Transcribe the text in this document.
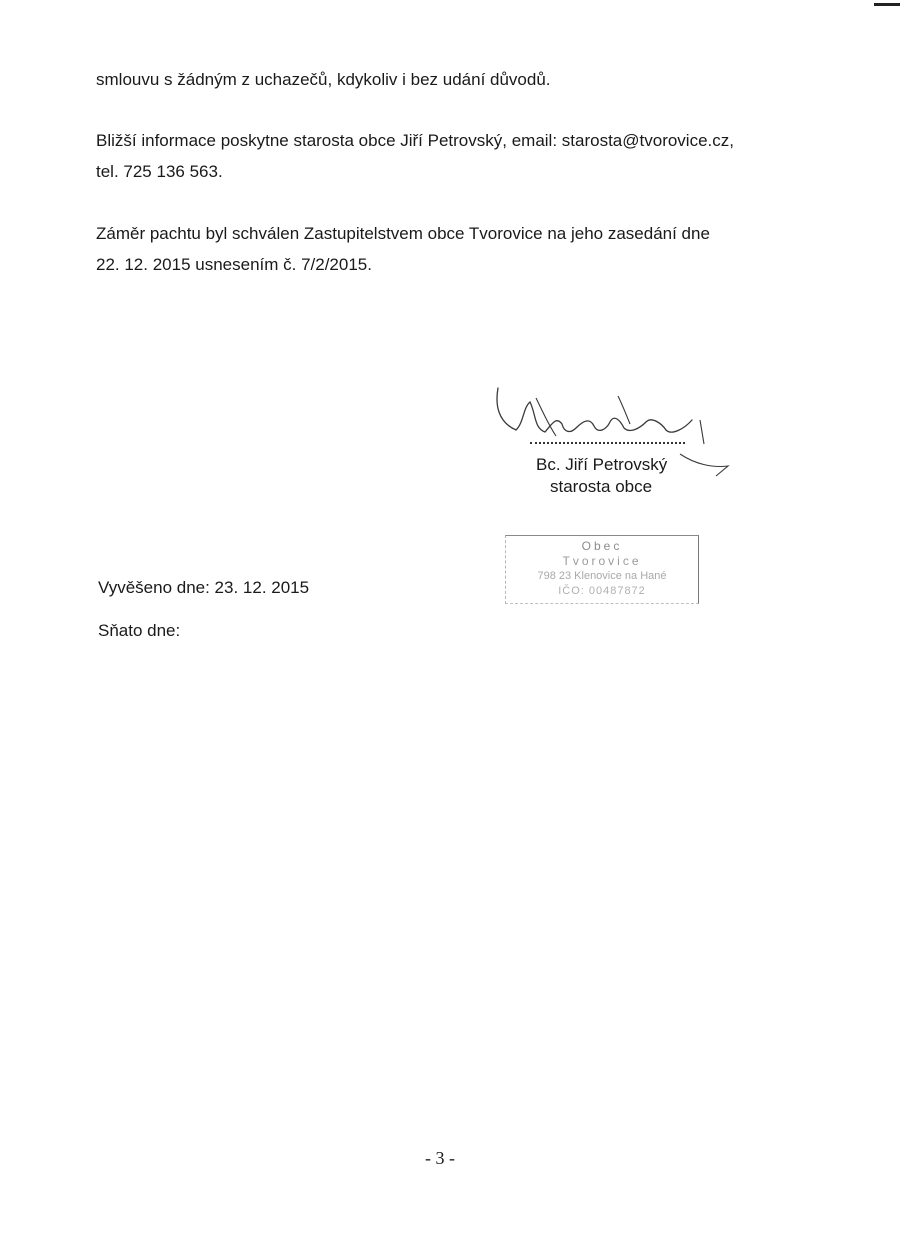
smlouvu s žádným z uchazečů, kdykoliv i bez udání důvodů.

Bližší informace poskytne starosta obce Jiří Petrovský, email: starosta@tvorovice.cz,
tel. 725 136 563.

Záměr pachtu byl schválen Zastupitelstvem obce Tvorovice na jeho zasedání dne
22. 12. 2015 usnesením č. 7/2/2015.

Bc. Jiří Petrovský
starosta obce
Obec
Tvorovice
798 23 Klenovice na Hané
IČO: 00487872
Vyvěšeno dne: 23. 12. 2015
Sňato dne:
- 3 -
